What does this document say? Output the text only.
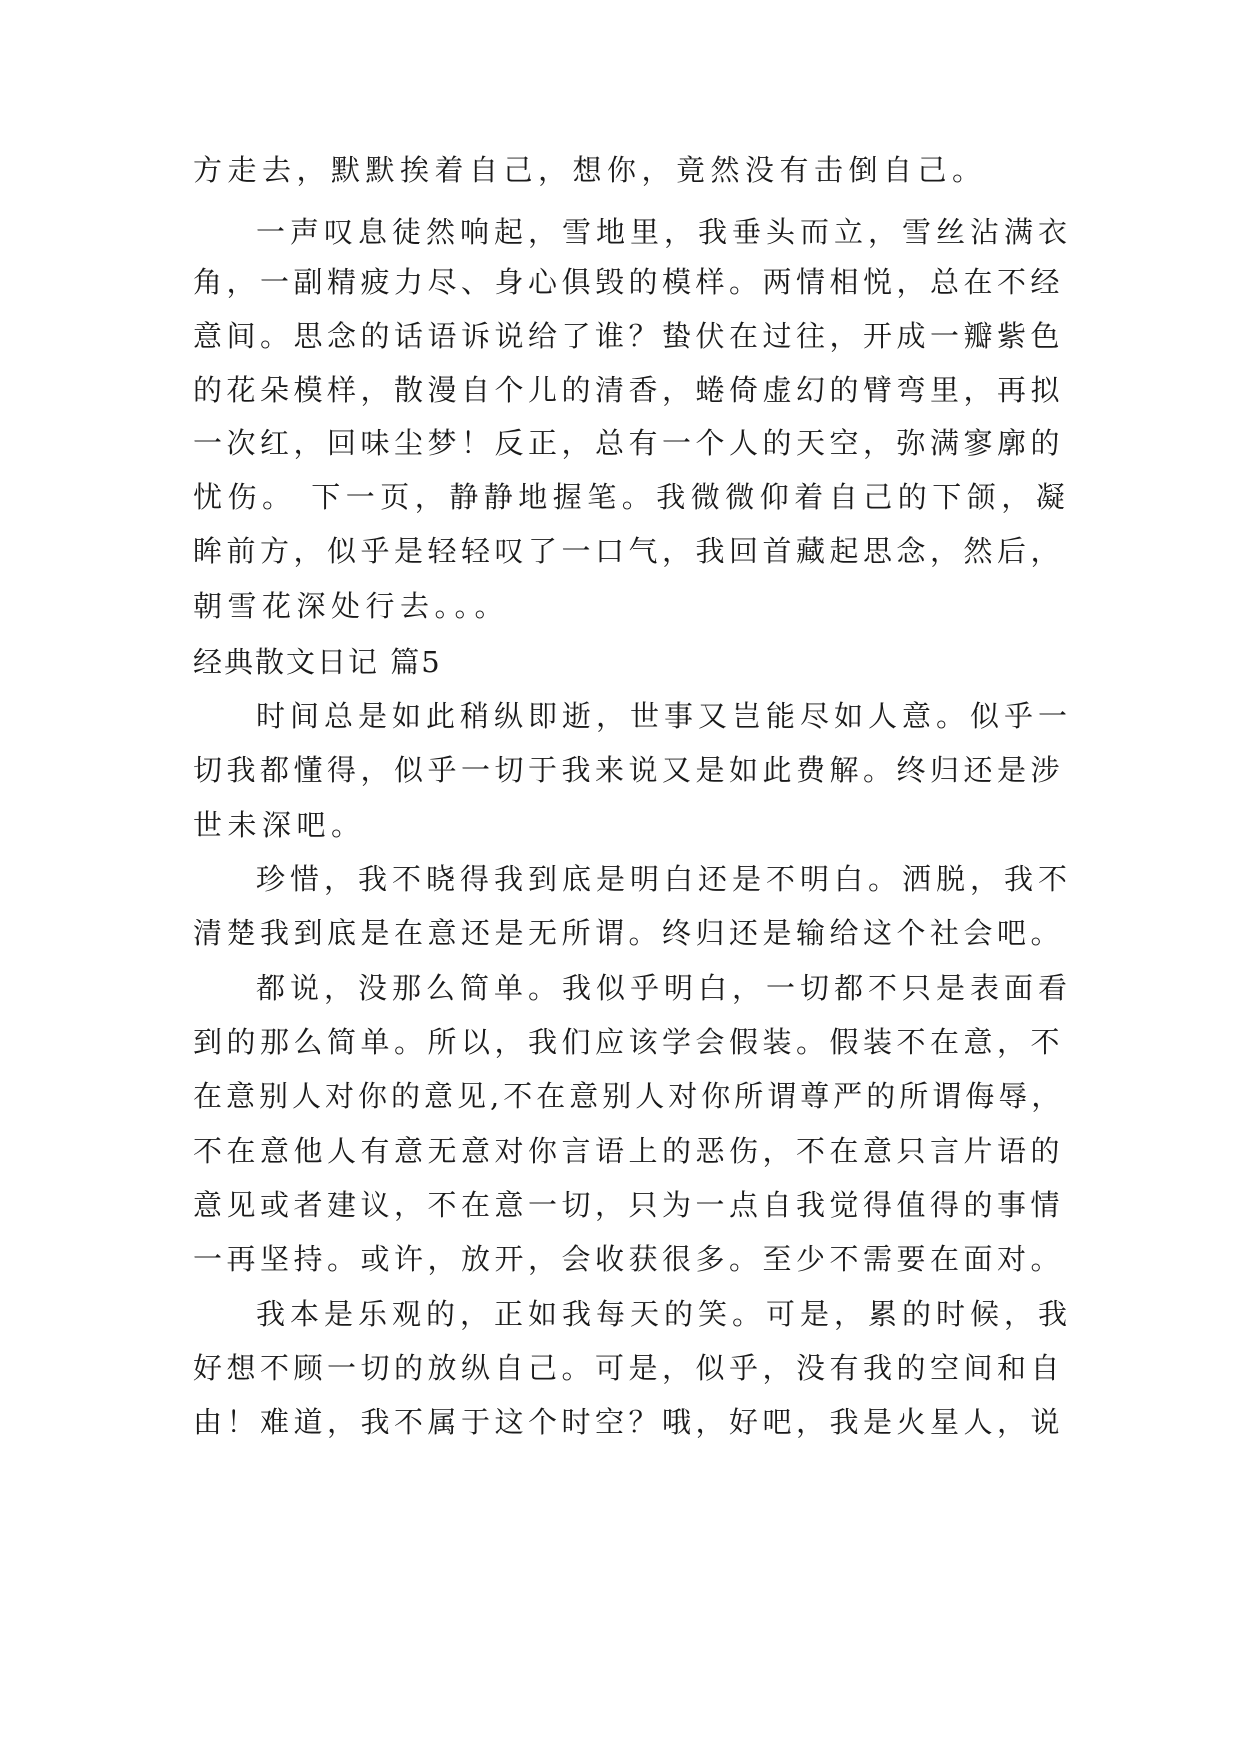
方走去，默默挨着自己，想你，竟然没有击倒自己。
一声叹息徒然响起，雪地里，我垂头而立，雪丝沾满衣
角，一副精疲力尽、身心俱毁的模样。两情相悦，总在不经
意间。思念的话语诉说给了谁？蛰伏在过往，开成一瓣紫色
的花朵模样，散漫自个儿的清香，蜷倚虚幻的臂弯里，再拟
一次红，回味尘梦！反正，总有一个人的天空，弥满寥廓的
忧伤。 下一页，静静地握笔。我微微仰着自己的下颌，凝
眸前方，似乎是轻轻叹了一口气，我回首藏起思念，然后，
朝雪花深处行去。。。
经典散文日记 篇5
时间总是如此稍纵即逝，世事又岂能尽如人意。似乎一
切我都懂得，似乎一切于我来说又是如此费解。终归还是涉
世未深吧。
珍惜，我不晓得我到底是明白还是不明白。洒脱，我不
清楚我到底是在意还是无所谓。终归还是输给这个社会吧。
都说，没那么简单。我似乎明白，一切都不只是表面看
到的那么简单。所以，我们应该学会假装。假装不在意，不
在意别人对你的意见,不在意别人对你所谓尊严的所谓侮辱，
不在意他人有意无意对你言语上的恶伤，不在意只言片语的
意见或者建议，不在意一切，只为一点自我觉得值得的事情
一再坚持。或许，放开，会收获很多。至少不需要在面对。
我本是乐观的，正如我每天的笑。可是，累的时候，我
好想不顾一切的放纵自己。可是，似乎，没有我的空间和自
由！难道，我不属于这个时空？哦，好吧，我是火星人，说
